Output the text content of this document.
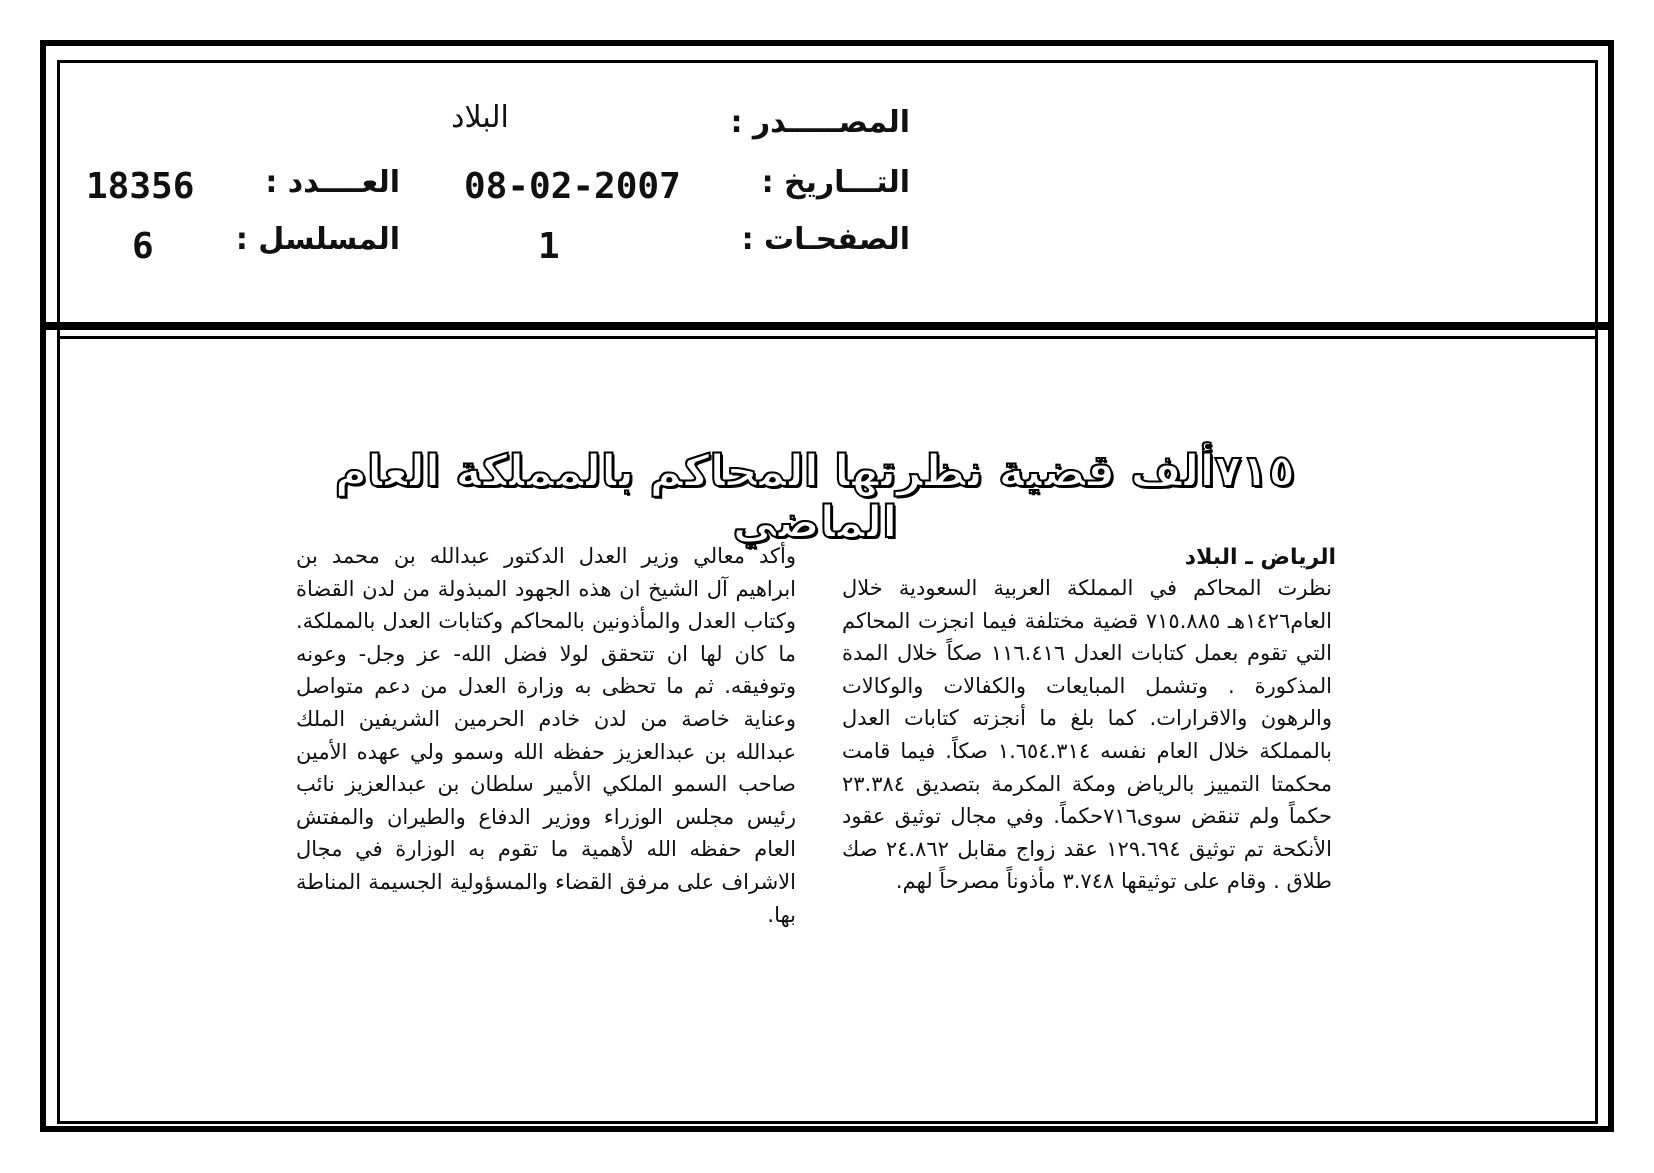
المصـــــدر :
البلاد
التـــاريخ :
08-02-2007
العــــدد :
18356
الصفحـات :
1
المسلسل :
6
٧١٥ألف قضية نظرتها المحاكم بالمملكة العام الماضي
الرياض ـ البلاد
نظرت المحاكم في المملكة العربية السعودية خلال العام١٤٢٦هـ ٧١٥.٨٨٥ قضية مختلفة فيما انجزت المحاكم التي تقوم بعمل كتابات العدل ١١٦.٤١٦ صكاً خلال المدة المذكورة . وتشمل المبايعات والكفالات والوكالات والرهون والاقرارات. كما بلغ ما أنجزته كتابات العدل بالمملكة خلال العام نفسه ١.٦٥٤.٣١٤ صكاً. فيما قامت محكمتا التمييز بالرياض ومكة المكرمة بتصديق ٢٣.٣٨٤ حكماً ولم تنقض سوى٧١٦حكماً. وفي مجال توثيق عقود الأنكحة تم توثيق ١٢٩.٦٩٤ عقد زواج مقابل ٢٤.٨٦٢ صك طلاق . وقام على توثيقها ٣.٧٤٨ مأذوناً مصرحاً لهم.
وأكد معالي وزير العدل الدكتور عبدالله بن محمد بن ابراهيم آل الشيخ ان هذه الجهود المبذولة من لدن القضاة وكتاب العدل والمأذونين بالمحاكم وكتابات العدل بالمملكة. ما كان لها ان تتحقق لولا فضل الله- عز وجل- وعونه وتوفيقه. ثم ما تحظى به وزارة العدل من دعم متواصل وعناية خاصة من لدن خادم الحرمين الشريفين الملك عبدالله بن عبدالعزيز حفظه الله وسمو ولي عهده الأمين صاحب السمو الملكي الأمير سلطان بن عبدالعزيز نائب رئيس مجلس الوزراء ووزير الدفاع والطيران والمفتش العام حفظه الله لأهمية ما تقوم به الوزارة في مجال الاشراف على مرفق القضاء والمسؤولية الجسيمة المناطة بها.
